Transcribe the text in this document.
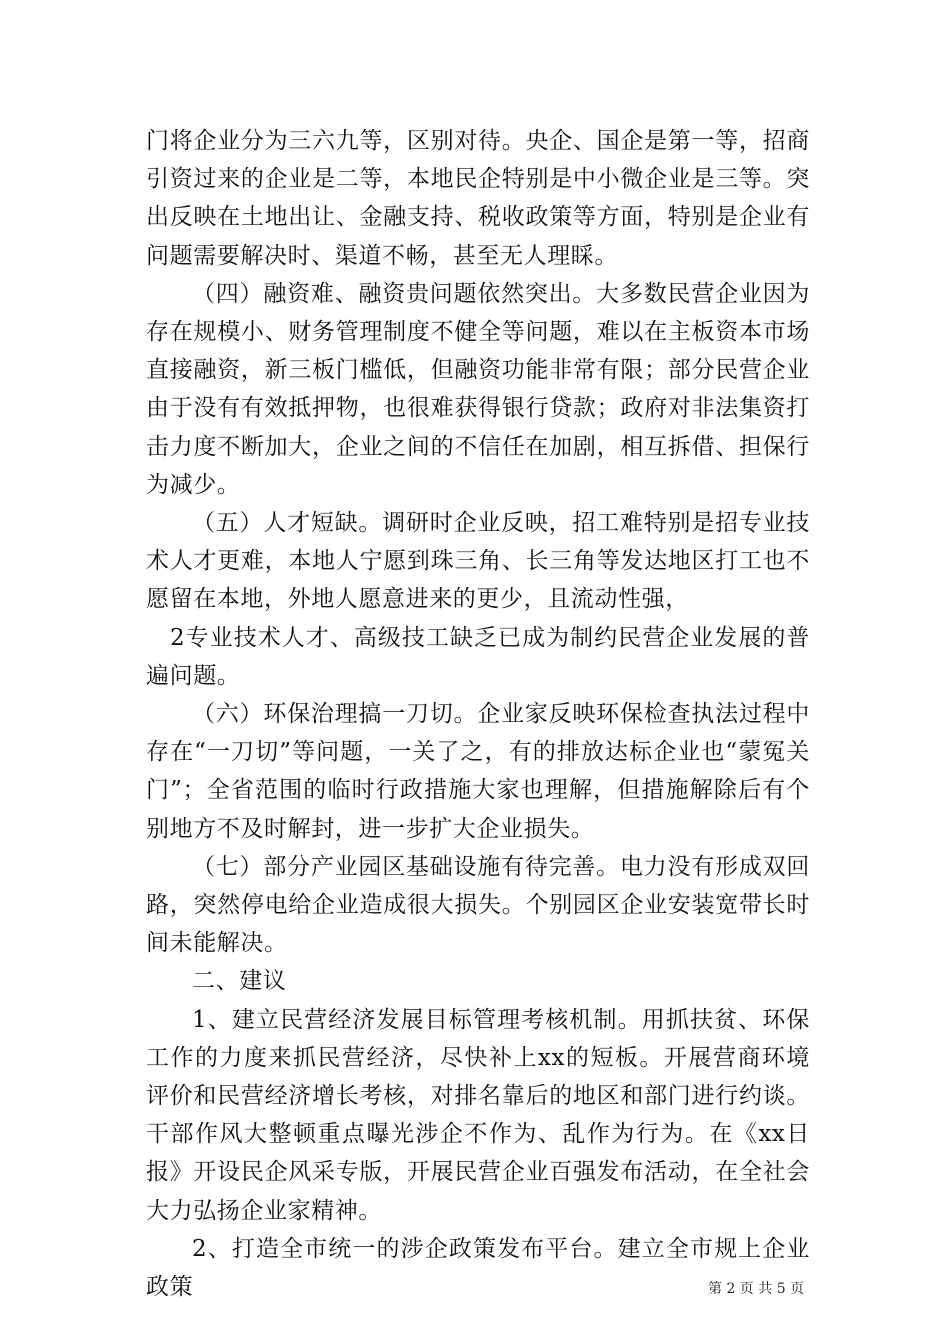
门将企业分为三六九等，区别对待。央企、国企是第一等，招商引资过来的企业是二等，本地民企特别是中小微企业是三等。突出反映在土地出让、金融支持、税收政策等方面，特别是企业有问题需要解决时、渠道不畅，甚至无人理睬。

（四）融资难、融资贵问题依然突出。大多数民营企业因为存在规模小、财务管理制度不健全等问题，难以在主板资本市场直接融资，新三板门槛低，但融资功能非常有限；部分民营企业由于没有有效抵押物，也很难获得银行贷款；政府对非法集资打击力度不断加大，企业之间的不信任在加剧，相互拆借、担保行为减少。

（五）人才短缺。调研时企业反映，招工难特别是招专业技术人才更难，本地人宁愿到珠三角、长三角等发达地区打工也不愿留在本地，外地人愿意进来的更少，且流动性强，

2专业技术人才、高级技工缺乏已成为制约民营企业发展的普遍问题。

（六）环保治理搞一刀切。企业家反映环保检查执法过程中存在“一刀切”等问题，一关了之，有的排放达标企业也“蒙冤关门”；全省范围的临时行政措施大家也理解，但措施解除后有个别地方不及时解封，进一步扩大企业损失。

（七）部分产业园区基础设施有待完善。电力没有形成双回路，突然停电给企业造成很大损失。个别园区企业安装宽带长时间未能解决。

二、建议

1、建立民营经济发展目标管理考核机制。用抓扶贫、环保工作的力度来抓民营经济，尽快补上xx的短板。开展营商环境评价和民营经济增长考核，对排名靠后的地区和部门进行约谈。干部作风大整顿重点曝光涉企不作为、乱作为行为。在《xx日报》开设民企风采专版，开展民营企业百强发布活动，在全社会大力弘扬企业家精神。

2、打造全市统一的涉企政策发布平台。建立全市规上企业政策	第 2 页 共 5 页
